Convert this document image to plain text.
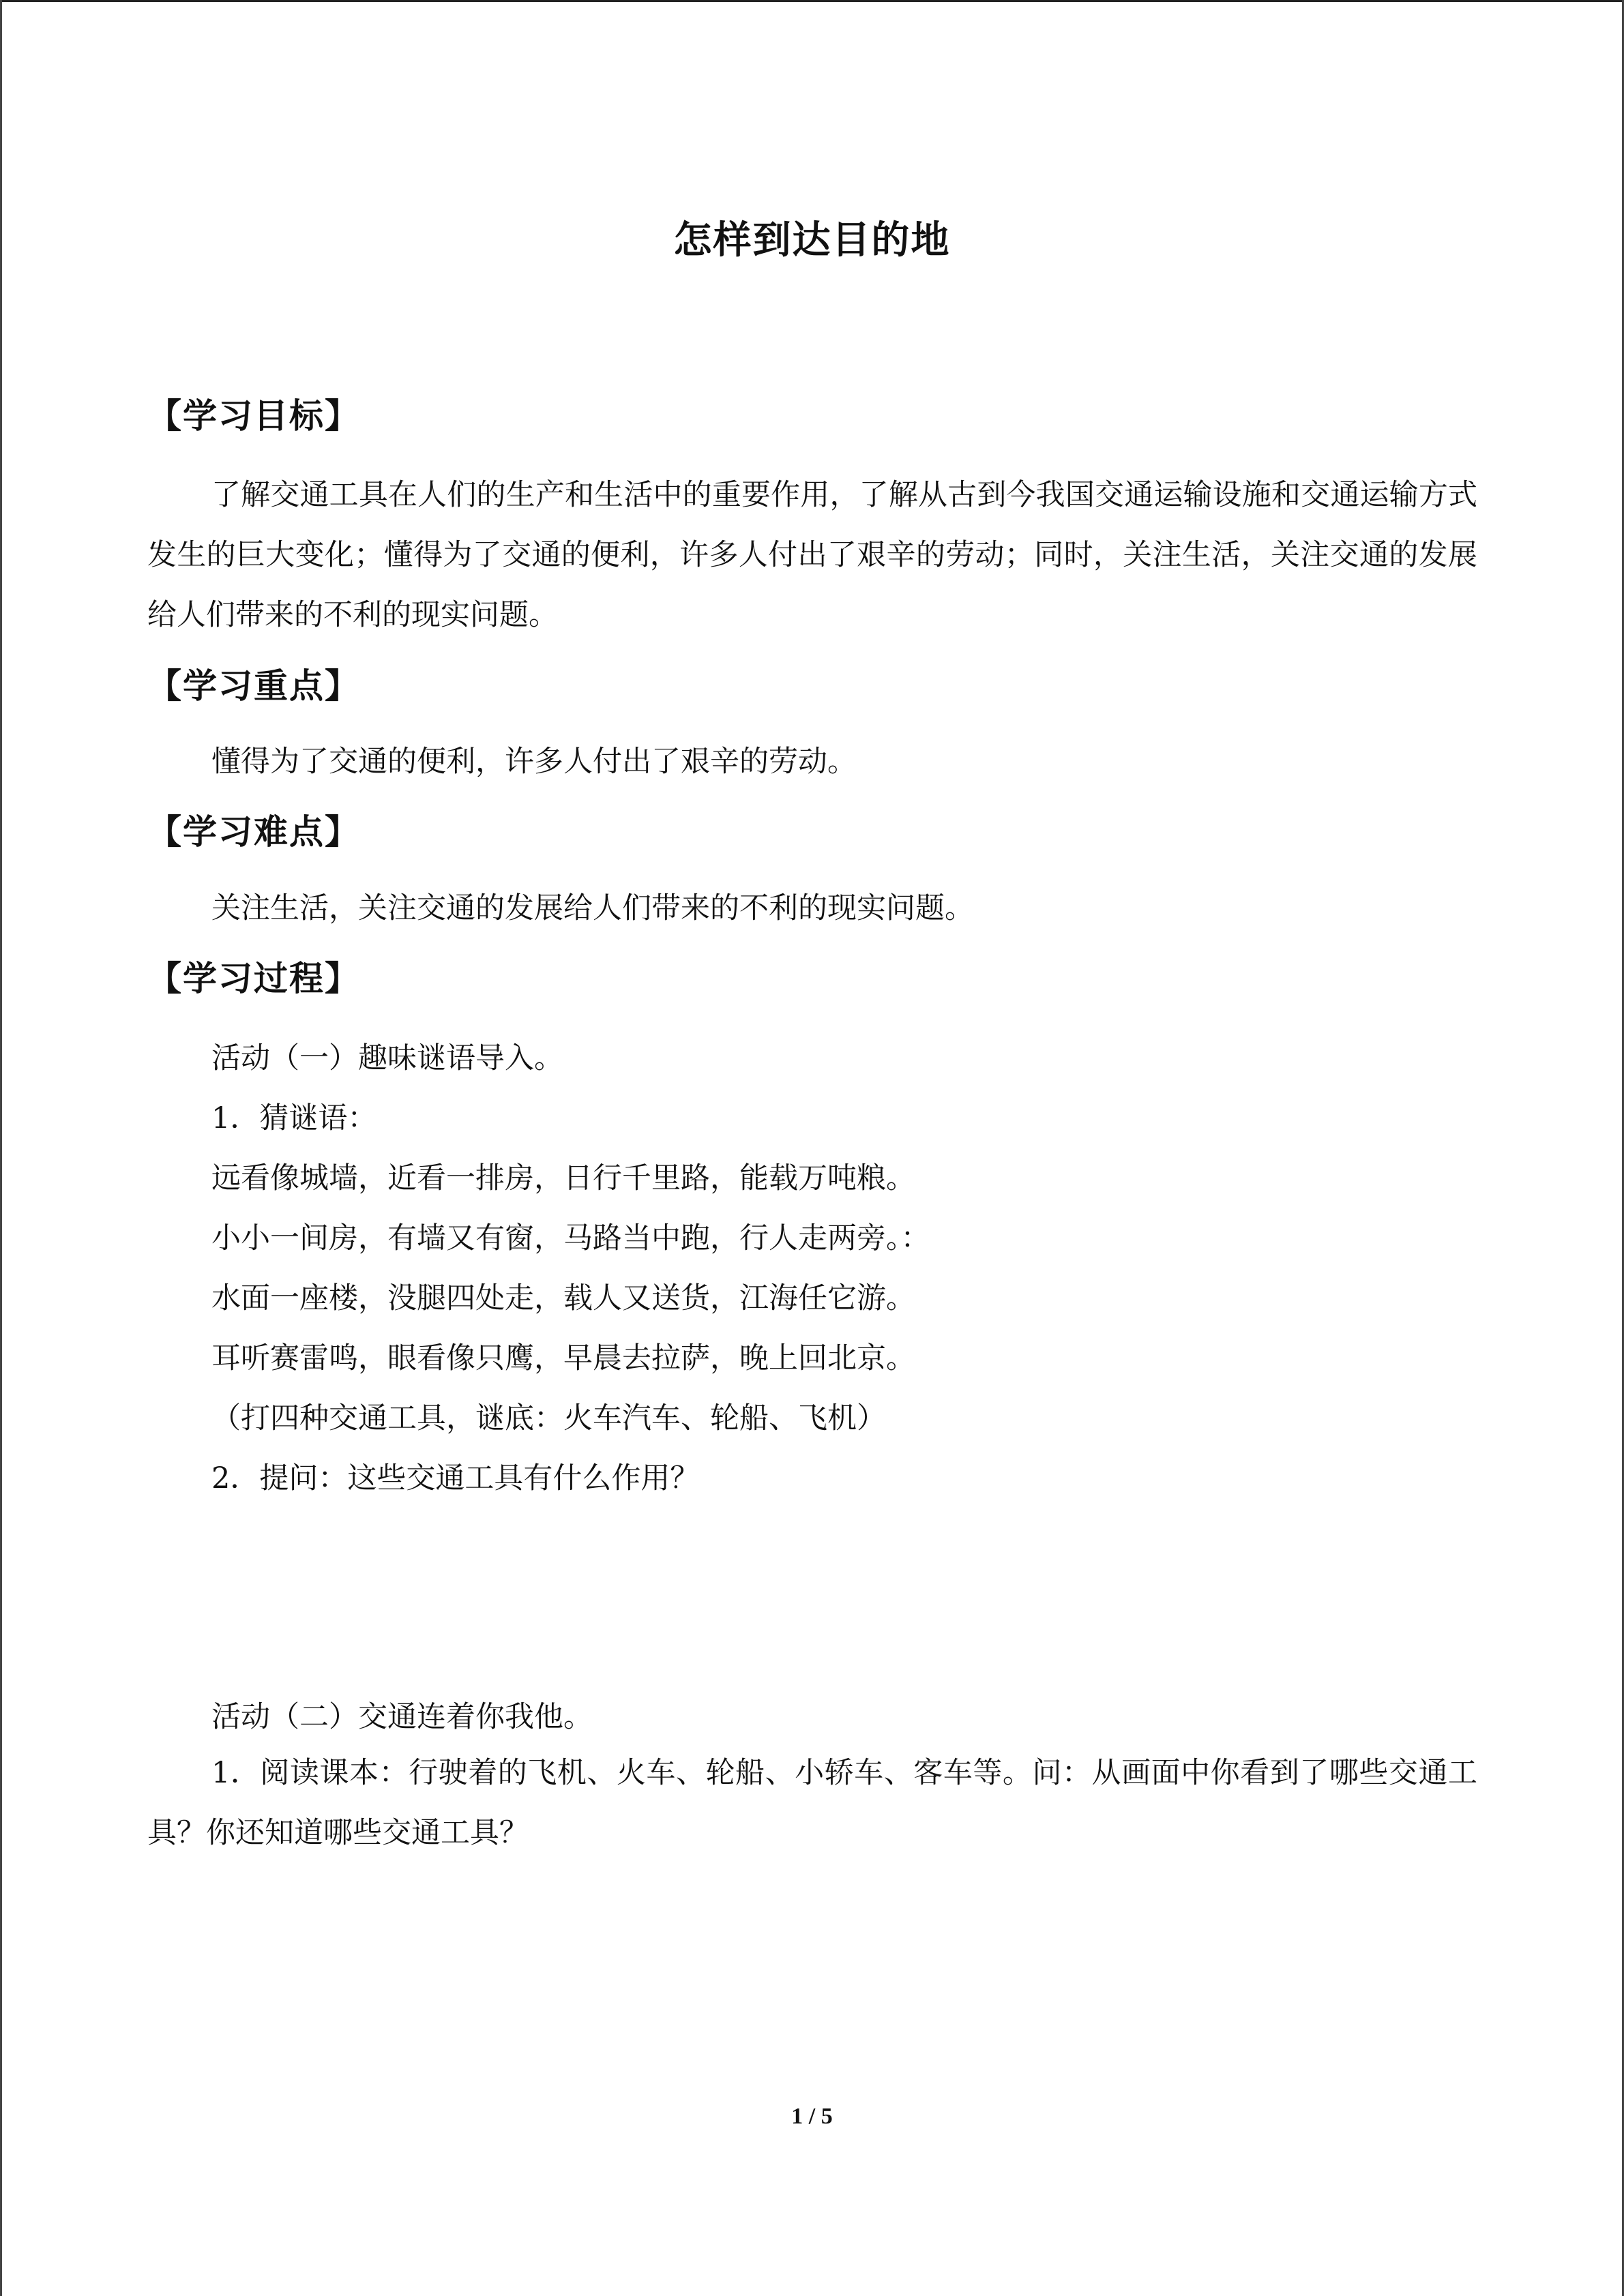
怎样到达目的地
【学习目标】
了解交通工具在人们的生产和生活中的重要作用，了解从古到今我国交通运输设施和交通运输方式发生的巨大变化；懂得为了交通的便利，许多人付出了艰辛的劳动；同时，关注生活，关注交通的发展给人们带来的不利的现实问题。
【学习重点】
懂得为了交通的便利，许多人付出了艰辛的劳动。
【学习难点】
关注生活，关注交通的发展给人们带来的不利的现实问题。
【学习过程】
活动（一）趣味谜语导入。
1．猜谜语：
远看像城墙，近看一排房，日行千里路，能载万吨粮。
小小一间房，有墙又有窗，马路当中跑，行人走两旁。：
水面一座楼，没腿四处走，载人又送货，江海任它游。
耳听赛雷鸣，眼看像只鹰，早晨去拉萨，晚上回北京。
（打四种交通工具，谜底：火车汽车、轮船、飞机）
2．提问：这些交通工具有什么作用？
活动（二）交通连着你我他。
1．阅读课本：行驶着的飞机、火车、轮船、小轿车、客车等。问：从画面中你看到了哪些交通工具？你还知道哪些交通工具？
1 / 5
